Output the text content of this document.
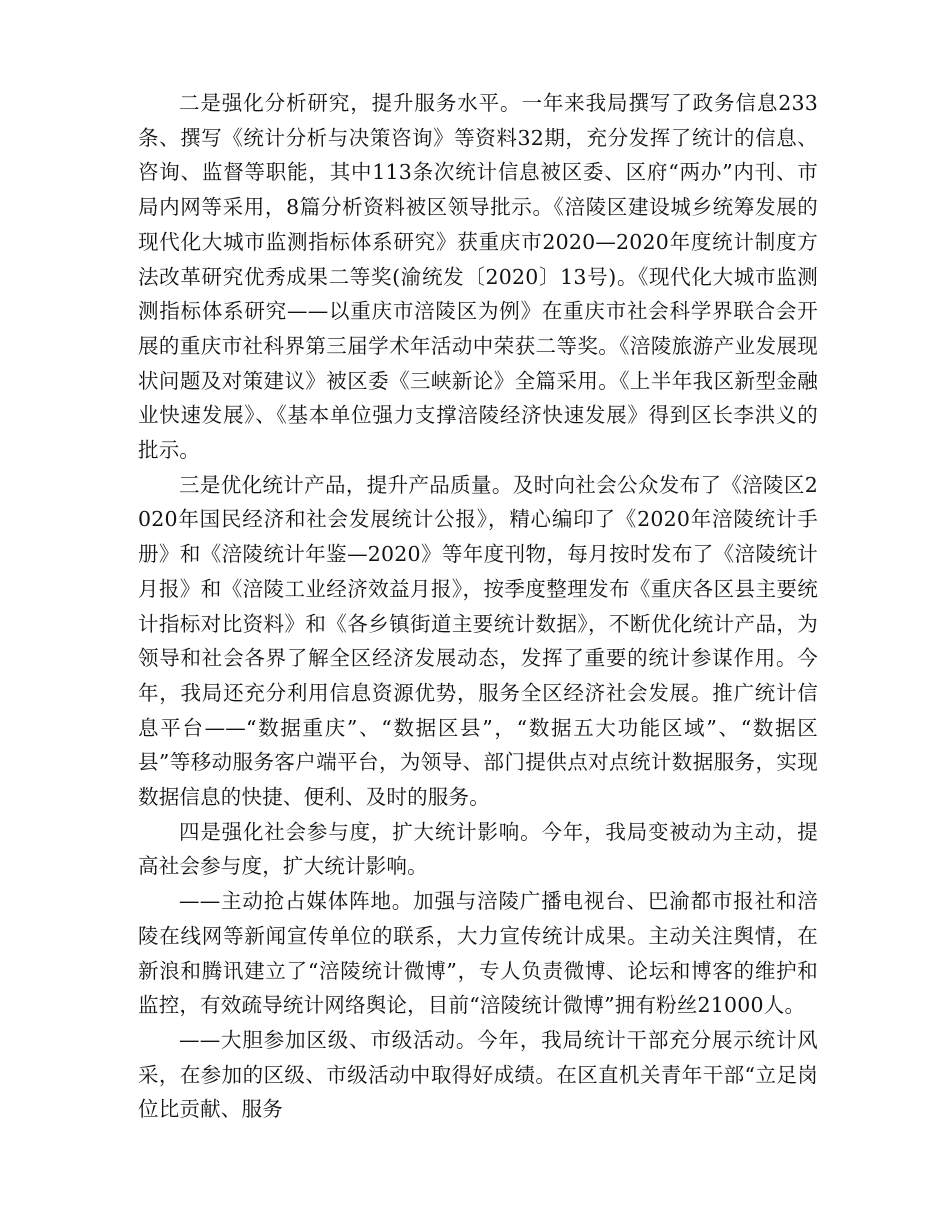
二是强化分析研究，提升服务水平。一年来我局撰写了政务信息233条、撰写《统计分析与决策咨询》等资料32期，充分发挥了统计的信息、咨询、监督等职能，其中113条次统计信息被区委、区府“两办”内刊、市局内网等采用，8篇分析资料被区领导批示。《涪陵区建设城乡统筹发展的现代化大城市监测指标体系研究》获重庆市2020—2020年度统计制度方法改革研究优秀成果二等奖(渝统发〔2020〕13号)。《现代化大城市监测测指标体系研究——以重庆市涪陵区为例》在重庆市社会科学界联合会开展的重庆市社科界第三届学术年活动中荣获二等奖。《涪陵旅游产业发展现状问题及对策建议》被区委《三峡新论》全篇采用。《上半年我区新型金融业快速发展》、《基本单位强力支撑涪陵经济快速发展》得到区长李洪义的批示。

三是优化统计产品，提升产品质量。及时向社会公众发布了《涪陵区2020年国民经济和社会发展统计公报》，精心编印了《2020年涪陵统计手册》和《涪陵统计年鉴—2020》等年度刊物，每月按时发布了《涪陵统计月报》和《涪陵工业经济效益月报》，按季度整理发布《重庆各区县主要统计指标对比资料》和《各乡镇街道主要统计数据》，不断优化统计产品，为领导和社会各界了解全区经济发展动态，发挥了重要的统计参谋作用。今年，我局还充分利用信息资源优势，服务全区经济社会发展。推广统计信息平台——“数据重庆”、“数据区县”，“数据五大功能区域”、“数据区县”等移动服务客户端平台，为领导、部门提供点对点统计数据服务，实现数据信息的快捷、便利、及时的服务。

四是强化社会参与度，扩大统计影响。今年，我局变被动为主动，提高社会参与度，扩大统计影响。

——主动抢占媒体阵地。加强与涪陵广播电视台、巴渝都市报社和涪陵在线网等新闻宣传单位的联系，大力宣传统计成果。主动关注舆情，在新浪和腾讯建立了“涪陵统计微博”，专人负责微博、论坛和博客的维护和监控，有效疏导统计网络舆论，目前“涪陵统计微博”拥有粉丝21000人。

——大胆参加区级、市级活动。今年，我局统计干部充分展示统计风采，在参加的区级、市级活动中取得好成绩。在区直机关青年干部“立足岗位比贡献、服务
